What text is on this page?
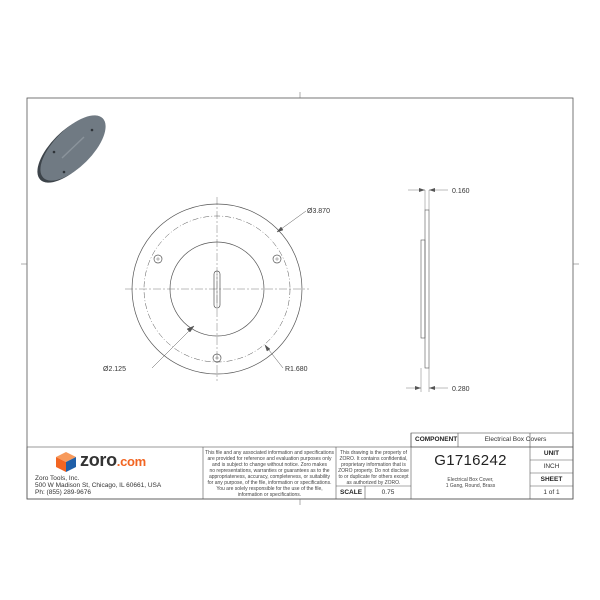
Ø3.870
Ø2.125	R1.680
0.160
0.280
zoro.com
Zoro Tools, Inc.
500 W Madison St, Chicago, IL 60661, USA
Ph: (855) 289-9676
This file and any associated information and specifications
are provided for reference and evaluation purposes only
and is subject to change without notice. Zoro makes
no representations, warranties or guarantees as to the
appropriateness, accuracy, completeness, or suitability
for any purpose, of the file, information or specifications.
You are solely responsible for the use of the file,
information or specifications.
This drawing is the property of
ZORO. It contains confidential,
proprietary information that is
ZORO property. Do not disclose
to or duplicate for others except
as authorized by ZORO.
SCALE	0.75
COMPONENT	Electrical Box Covers
G1716242
Electrical Box Cover,
1 Gang, Round, Brass
UNIT
INCH
SHEET
1 of 1
